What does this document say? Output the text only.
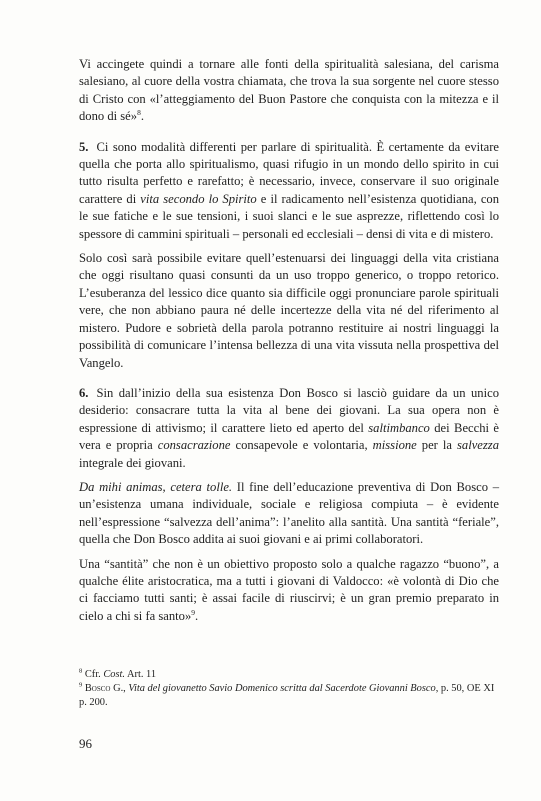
Vi accingete quindi a tornare alle fonti della spiritualità salesiana, del carisma salesiano, al cuore della vostra chiamata, che trova la sua sorgente nel cuore stesso di Cristo con «l’atteggiamento del Buon Pastore che conquista con la mitezza e il dono di sé»$^8$.

5. Ci sono modalità differenti per parlare di spiritualità. È certamente da evitare quella che porta allo spiritualismo, quasi rifugio in un mondo dello spirito in cui tutto risulta perfetto e rarefatto; è necessario, invece, conservare il suo originale carattere di vita secondo lo Spirito e il radicamento nell’esistenza quotidiana, con le sue fatiche e le sue tensioni, i suoi slanci e le sue asprezze, riflettendo così lo spessore di cammini spirituali – personali ed ecclesiali – densi di vita e di mistero.

Solo così sarà possibile evitare quell’estenuarsi dei linguaggi della vita cristiana che oggi risultano quasi consunti da un uso troppo generico, o troppo retorico. L’esuberanza del lessico dice quanto sia difficile oggi pronunciare parole spirituali vere, che non abbiano paura né delle incertezze della vita né del riferimento al mistero. Pudore e sobrietà della parola potranno restituire ai nostri linguaggi la possibilità di comunicare l’intensa bellezza di una vita vissuta nella prospettiva del Vangelo.

6. Sin dall’inizio della sua esistenza Don Bosco si lasciò guidare da un unico desiderio: consacrare tutta la vita al bene dei giovani. La sua opera non è espressione di attivismo; il carattere lieto ed aperto del saltimbanco dei Becchi è vera e propria consacrazione consapevole e volontaria, missione per la salvezza integrale dei giovani.

Da mihi animas, cetera tolle. Il fine dell’educazione preventiva di Don Bosco – un’esistenza umana individuale, sociale e religiosa compiuta – è evidente nell’espressione “salvezza dell’anima”: l’anelito alla santità. Una santità “feriale”, quella che Don Bosco addita ai suoi giovani e ai primi collaboratori.

Una “santità” che non è un obiettivo proposto solo a qualche ragazzo “buono”, a qualche élite aristocratica, ma a tutti i giovani di Valdocco: «è volontà di Dio che ci facciamo tutti santi; è assai facile di riuscirvi; è un gran premio preparato in cielo a chi si fa santo»$^9$.

$^8$ Cfr. Cost. Art. 11

$^9$ Bosco G., Vita del giovanetto Savio Domenico scritta dal Sacerdote Giovanni Bosco, p. 50, OE XI p. 200.

96
